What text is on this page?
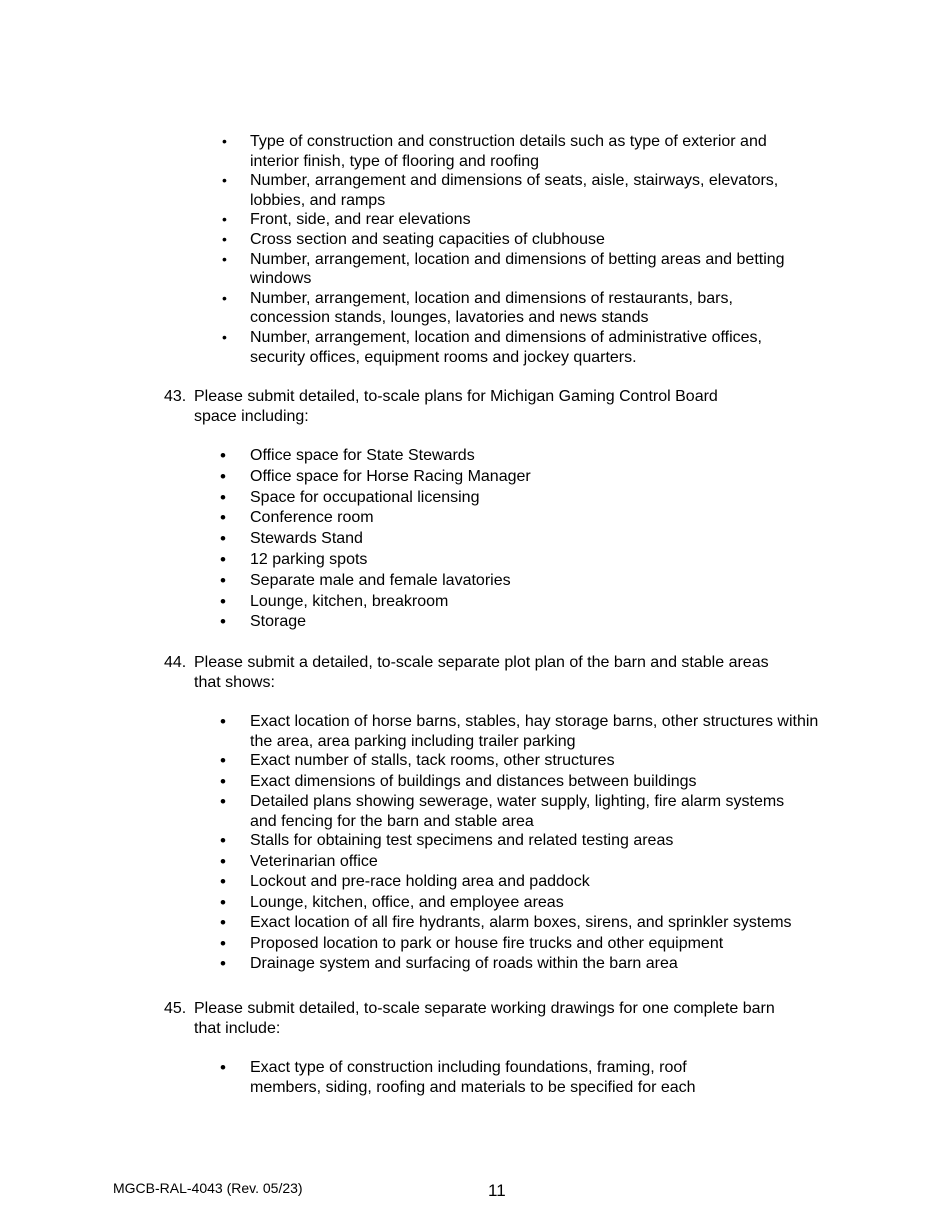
•	Type of construction and construction details such as type of exterior and interior finish, type of flooring and roofing
•	Number, arrangement and dimensions of seats, aisle, stairways, elevators, lobbies, and ramps
•	Front, side, and rear elevations
•	Cross section and seating capacities of clubhouse
•	Number, arrangement, location and dimensions of betting areas and betting windows
•	Number, arrangement, location and dimensions of restaurants, bars, concession stands, lounges, lavatories and news stands
•	Number, arrangement, location and dimensions of administrative offices, security offices, equipment rooms and jockey quarters.
43. Please submit detailed, to-scale plans for Michigan Gaming Control Board space including:
•	Office space for State Stewards
•	Office space for Horse Racing Manager
•	Space for occupational licensing
•	Conference room
•	Stewards Stand
•	12 parking spots
•	Separate male and female lavatories
•	Lounge, kitchen, breakroom
•	Storage
44. Please submit a detailed, to-scale separate plot plan of the barn and stable areas that shows:
•	Exact location of horse barns, stables, hay storage barns, other structures within the area, area parking including trailer parking
•	Exact number of stalls, tack rooms, other structures
•	Exact dimensions of buildings and distances between buildings
•	Detailed plans showing sewerage, water supply, lighting, fire alarm systems and fencing for the barn and stable area
•	Stalls for obtaining test specimens and related testing areas
•	Veterinarian office
•	Lockout and pre-race holding area and paddock
•	Lounge, kitchen, office, and employee areas
•	Exact location of all fire hydrants, alarm boxes, sirens, and sprinkler systems
•	Proposed location to park or house fire trucks and other equipment
•	Drainage system and surfacing of roads within the barn area
45. Please submit detailed, to-scale separate working drawings for one complete barn that include:
•	Exact type of construction including foundations, framing, roof members, siding, roofing and materials to be specified for each
MGCB-RAL-4043 (Rev. 05/23)	11
